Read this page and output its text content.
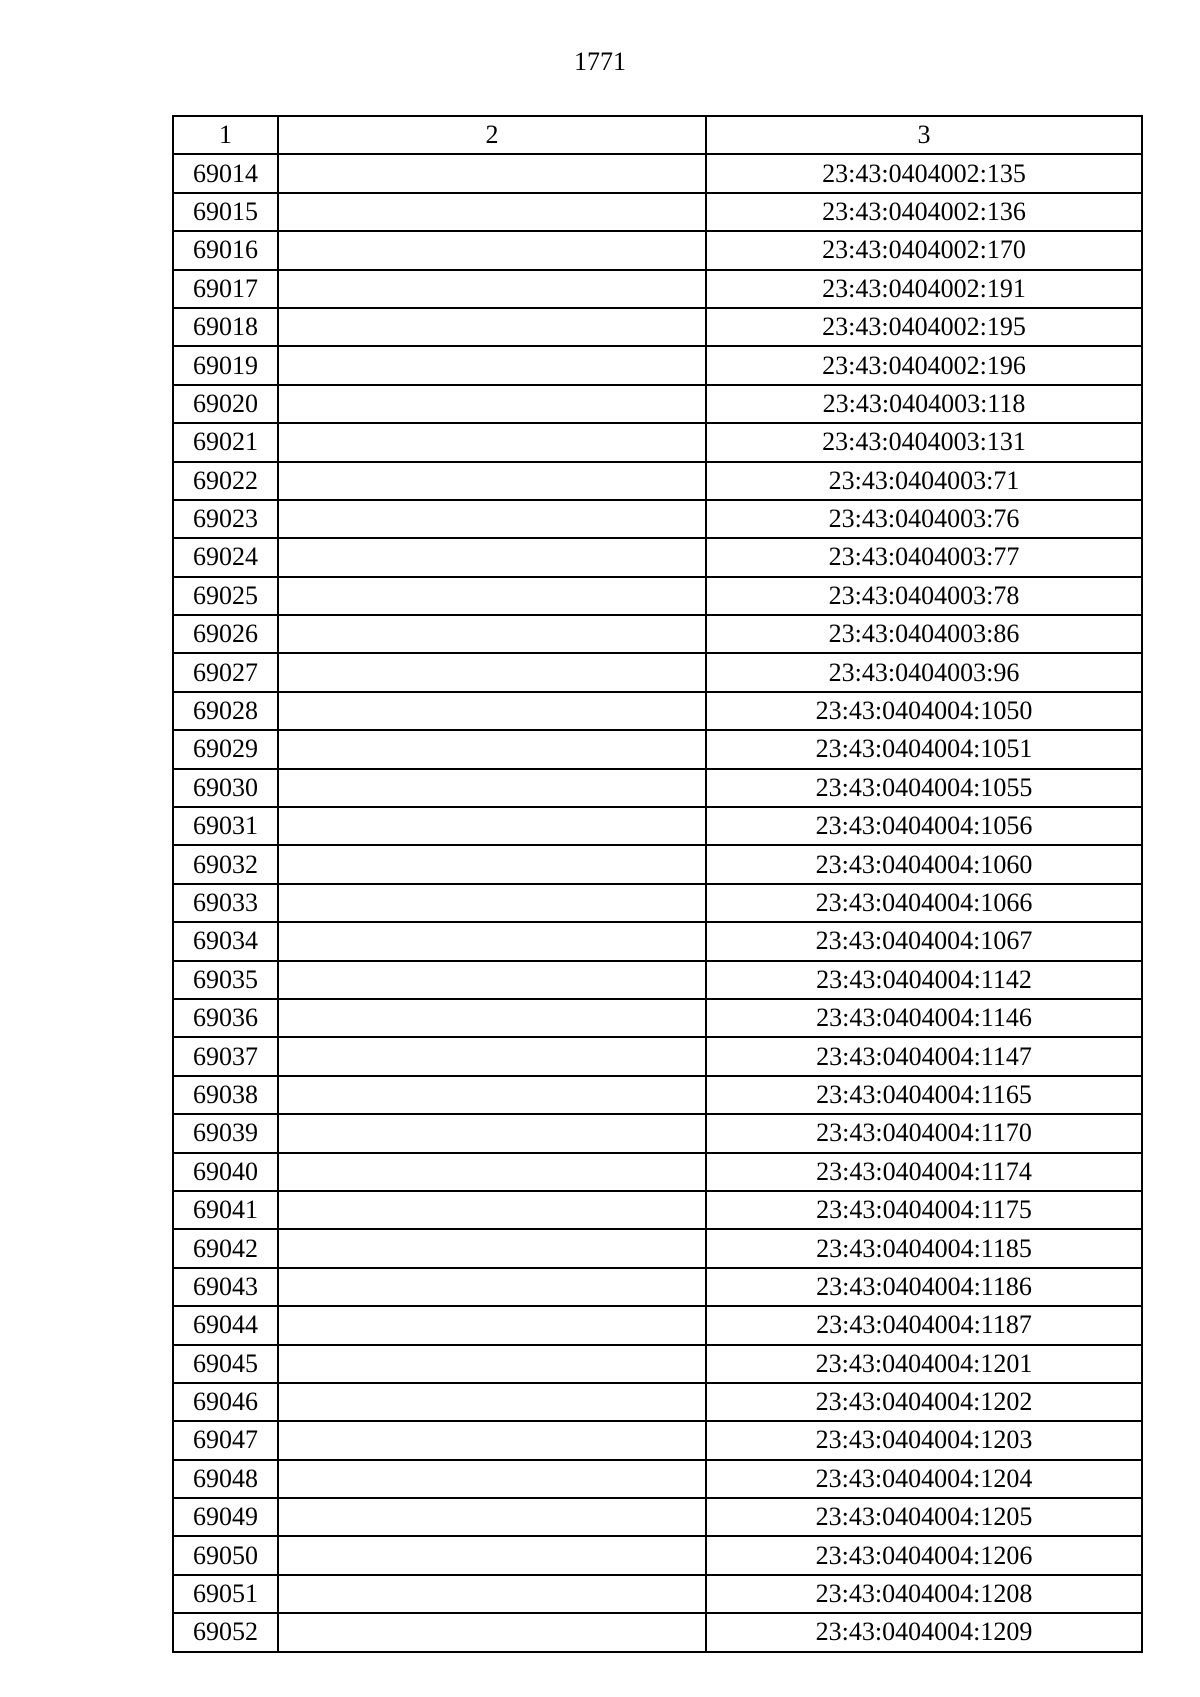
1771
1	2	3
69014		23:43:0404002:135
69015		23:43:0404002:136
69016		23:43:0404002:170
69017		23:43:0404002:191
69018		23:43:0404002:195
69019		23:43:0404002:196
69020		23:43:0404003:118
69021		23:43:0404003:131
69022		23:43:0404003:71
69023		23:43:0404003:76
69024		23:43:0404003:77
69025		23:43:0404003:78
69026		23:43:0404003:86
69027		23:43:0404003:96
69028		23:43:0404004:1050
69029		23:43:0404004:1051
69030		23:43:0404004:1055
69031		23:43:0404004:1056
69032		23:43:0404004:1060
69033		23:43:0404004:1066
69034		23:43:0404004:1067
69035		23:43:0404004:1142
69036		23:43:0404004:1146
69037		23:43:0404004:1147
69038		23:43:0404004:1165
69039		23:43:0404004:1170
69040		23:43:0404004:1174
69041		23:43:0404004:1175
69042		23:43:0404004:1185
69043		23:43:0404004:1186
69044		23:43:0404004:1187
69045		23:43:0404004:1201
69046		23:43:0404004:1202
69047		23:43:0404004:1203
69048		23:43:0404004:1204
69049		23:43:0404004:1205
69050		23:43:0404004:1206
69051		23:43:0404004:1208
69052		23:43:0404004:1209
